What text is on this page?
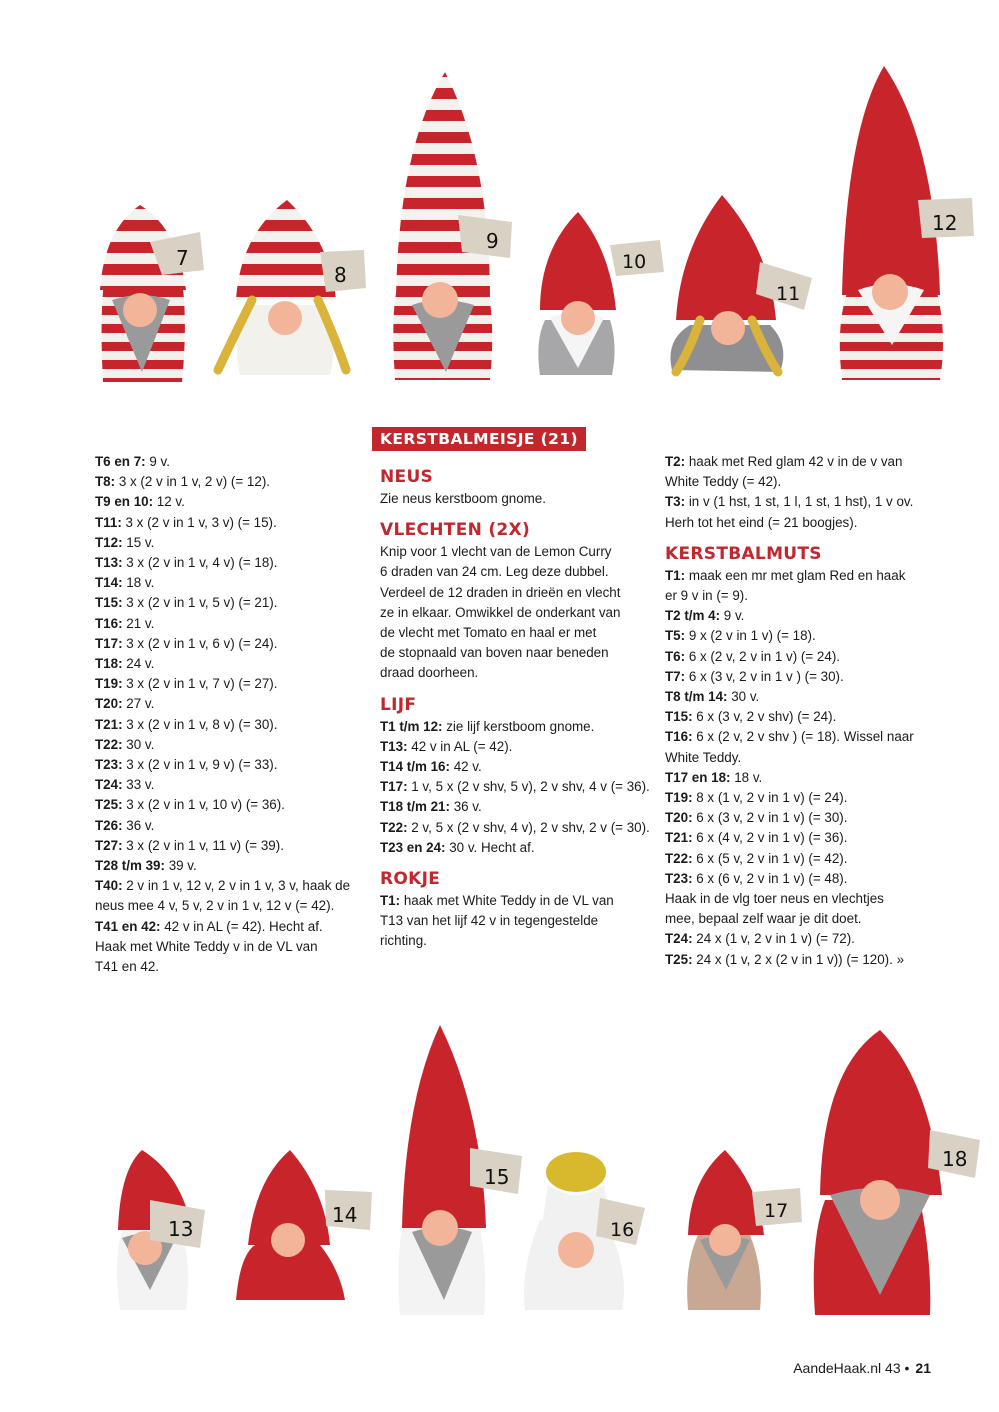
7
8
9
10
11
12
KERSTBALMEISJE (21)
T6 en 7: 9 v.
T8: 3 x (2 v in 1 v, 2 v) (= 12).
T9 en 10: 12 v.
T11: 3 x (2 v in 1 v, 3 v) (= 15).
T12: 15 v.
T13: 3 x (2 v in 1 v, 4 v) (= 18).
T14: 18 v.
T15: 3 x (2 v in 1 v, 5 v) (= 21).
T16: 21 v.
T17: 3 x (2 v in 1 v, 6 v) (= 24).
T18: 24 v.
T19: 3 x (2 v in 1 v, 7 v) (= 27).
T20: 27 v.
T21: 3 x (2 v in 1 v, 8 v) (= 30).
T22: 30 v.
T23: 3 x (2 v in 1 v, 9 v) (= 33).
T24: 33 v.
T25: 3 x (2 v in 1 v, 10 v) (= 36).
T26: 36 v.
T27: 3 x (2 v in 1 v, 11 v) (= 39).
T28 t/m 39: 39 v.
T40: 2 v in 1 v, 12 v, 2 v in 1 v, 3 v, haak de
neus mee 4 v, 5 v, 2 v in 1 v, 12 v (= 42).
T41 en 42: 42 v in AL (= 42). Hecht af.
Haak met White Teddy v in de VL van
T41 en 42.
NEUS
Zie neus kerstboom gnome.
VLECHTEN (2X)
Knip voor 1 vlecht van de Lemon Curry
6 draden van 24 cm. Leg deze dubbel.
Verdeel de 12 draden in drieën en vlecht
ze in elkaar. Omwikkel de onderkant van
de vlecht met Tomato en haal er met
de stopnaald van boven naar beneden
draad doorheen.
LIJF
T1 t/m 12: zie lijf kerstboom gnome.
T13: 42 v in AL (= 42).
T14 t/m 16: 42 v.
T17: 1 v, 5 x (2 v shv, 5 v), 2 v shv, 4 v (= 36).
T18 t/m 21: 36 v.
T22: 2 v, 5 x (2 v shv, 4 v), 2 v shv, 2 v (= 30).
T23 en 24: 30 v. Hecht af.
ROKJE
T1: haak met White Teddy in de VL van
T13 van het lijf 42 v in tegengestelde
richting.
T2: haak met Red glam 42 v in de v van
White Teddy (= 42).
T3: in v (1 hst, 1 st, 1 l, 1 st, 1 hst), 1 v ov.
Herh tot het eind (= 21 boogjes).
KERSTBALMUTS
T1: maak een mr met glam Red en haak
er 9 v in (= 9).
T2 t/m 4: 9 v.
T5: 9 x (2 v in 1 v) (= 18).
T6: 6 x (2 v, 2 v in 1 v) (= 24).
T7: 6 x (3 v, 2 v in 1 v ) (= 30).
T8 t/m 14: 30 v.
T15: 6 x (3 v, 2 v shv) (= 24).
T16: 6 x (2 v, 2 v shv ) (= 18). Wissel naar
White Teddy.
T17 en 18: 18 v.
T19: 8 x (1 v, 2 v in 1 v) (= 24).
T20: 6 x (3 v, 2 v in 1 v) (= 30).
T21: 6 x (4 v, 2 v in 1 v) (= 36).
T22: 6 x (5 v, 2 v in 1 v) (= 42).
T23: 6 x (6 v, 2 v in 1 v) (= 48).
Haak in de vlg toer neus en vlechtjes
mee, bepaal zelf waar je dit doet.
T24: 24 x (1 v, 2 v in 1 v) (= 72).
T25: 24 x (1 v, 2 x (2 v in 1 v)) (= 120). »
13
14
15
16
17
18
AandeHaak.nl 43 • 21
